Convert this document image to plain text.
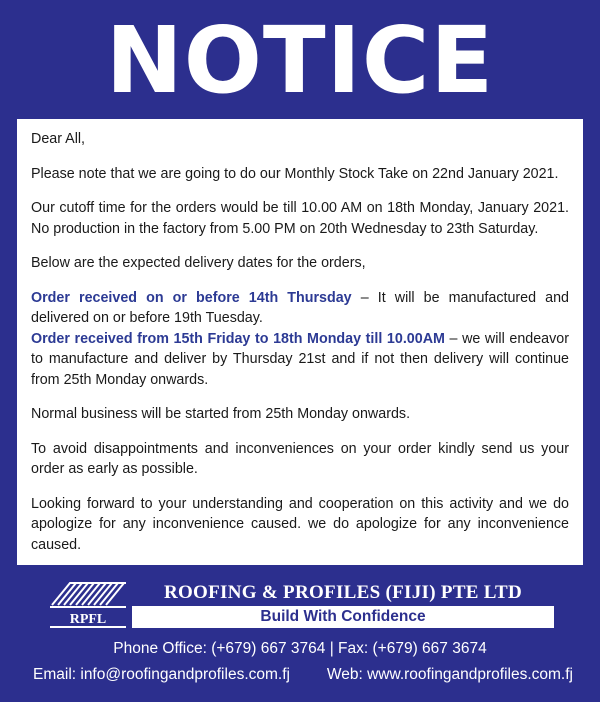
NOTICE

Dear All,

Please note that we are going to do our Monthly Stock Take on 22nd January 2021.

Our cutoff time for the orders would be till 10.00 AM on 18th Monday, January 2021. No production in the factory from 5.00 PM on 20th Wednesday to 23th Saturday.

Below are the expected delivery dates for the orders,

Order received on or before 14th Thursday – It will be manufactured and delivered on or before 19th Tuesday.

Order received from 15th Friday to 18th Monday till 10.00AM – we will endeavor to manufacture and deliver by Thursday 21st and if not then delivery will continue from 25th Monday onwards.

Normal business will be started from 25th Monday onwards.

To avoid disappointments and inconveniences on your order kindly send us your order as early as possible.

Looking forward to your understanding and cooperation on this activity and we do apologize for any inconvenience caused. we do apologize for any inconvenience caused.

RPFL
ROOFING & PROFILES (FIJI) PTE LTD
Build With Confidence
Phone Office: (+679) 667 3764 | Fax: (+679) 667 3674
Email: info@roofingandprofiles.com.fj Web: www.roofingandprofiles.com.fj
